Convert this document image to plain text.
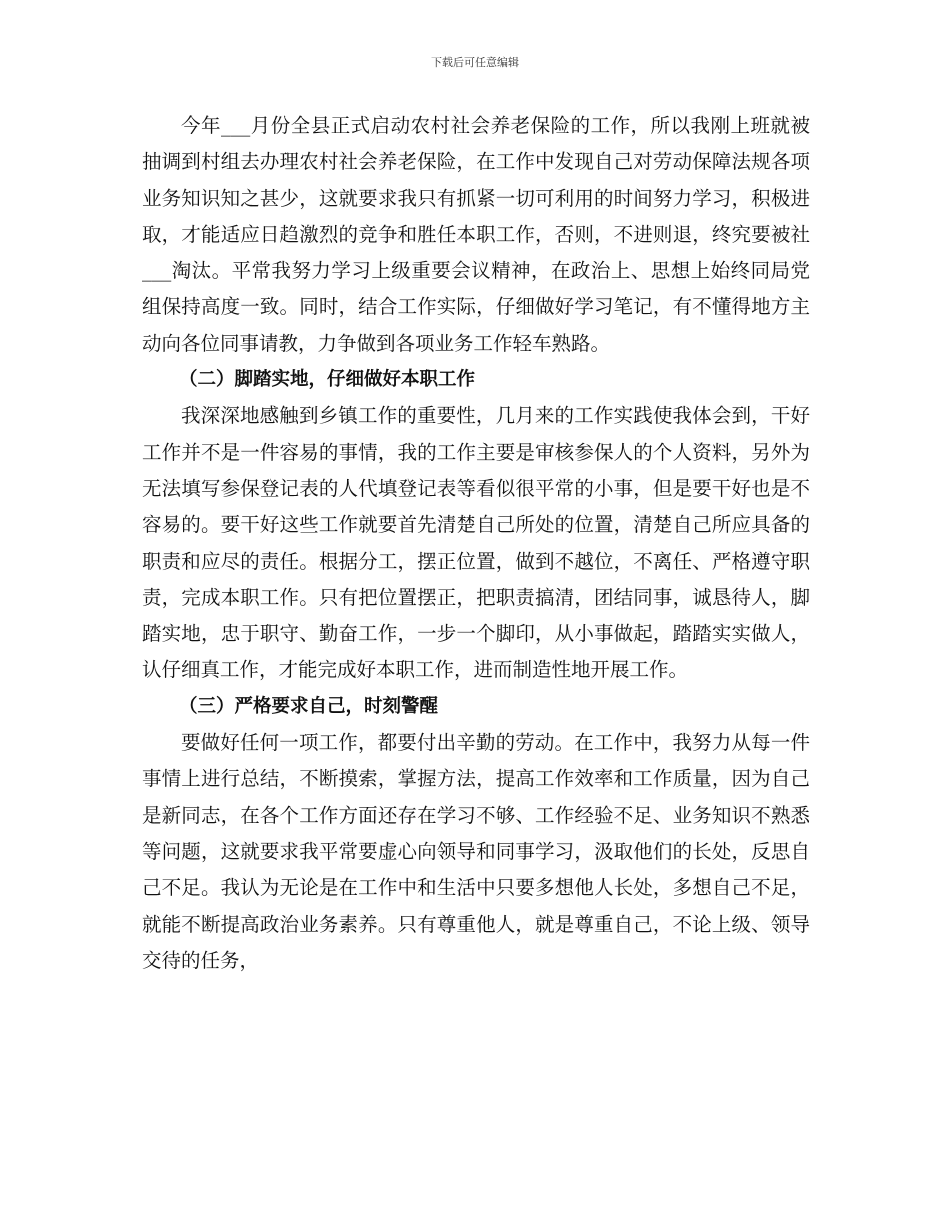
下载后可任意编辑

今年___月份全县正式启动农村社会养老保险的工作，所以我刚上班就被抽调到村组去办理农村社会养老保险，在工作中发现自己对劳动保障法规各项业务知识知之甚少，这就要求我只有抓紧一切可利用的时间努力学习，积极进取，才能适应日趋激烈的竞争和胜任本职工作，否则，不进则退，终究要被社___淘汰。平常我努力学习上级重要会议精神，在政治上、思想上始终同局党组保持高度一致。同时，结合工作实际，仔细做好学习笔记，有不懂得地方主动向各位同事请教，力争做到各项业务工作轻车熟路。

（二）脚踏实地，仔细做好本职工作

我深深地感触到乡镇工作的重要性，几月来的工作实践使我体会到，干好工作并不是一件容易的事情，我的工作主要是审核参保人的个人资料，另外为无法填写参保登记表的人代填登记表等看似很平常的小事，但是要干好也是不容易的。要干好这些工作就要首先清楚自己所处的位置，清楚自己所应具备的职责和应尽的责任。根据分工，摆正位置，做到不越位，不离任、严格遵守职责，完成本职工作。只有把位置摆正，把职责搞清，团结同事，诚恳待人，脚踏实地，忠于职守、勤奋工作，一步一个脚印，从小事做起，踏踏实实做人，认仔细真工作，才能完成好本职工作，进而制造性地开展工作。

（三）严格要求自己，时刻警醒

要做好任何一项工作，都要付出辛勤的劳动。在工作中，我努力从每一件事情上进行总结，不断摸索，掌握方法，提高工作效率和工作质量，因为自己是新同志，在各个工作方面还存在学习不够、工作经验不足、业务知识不熟悉等问题，这就要求我平常要虚心向领导和同事学习，汲取他们的长处，反思自己不足。我认为无论是在工作中和生活中只要多想他人长处，多想自己不足，就能不断提高政治业务素养。只有尊重他人，就是尊重自己，不论上级、领导交待的任务，
